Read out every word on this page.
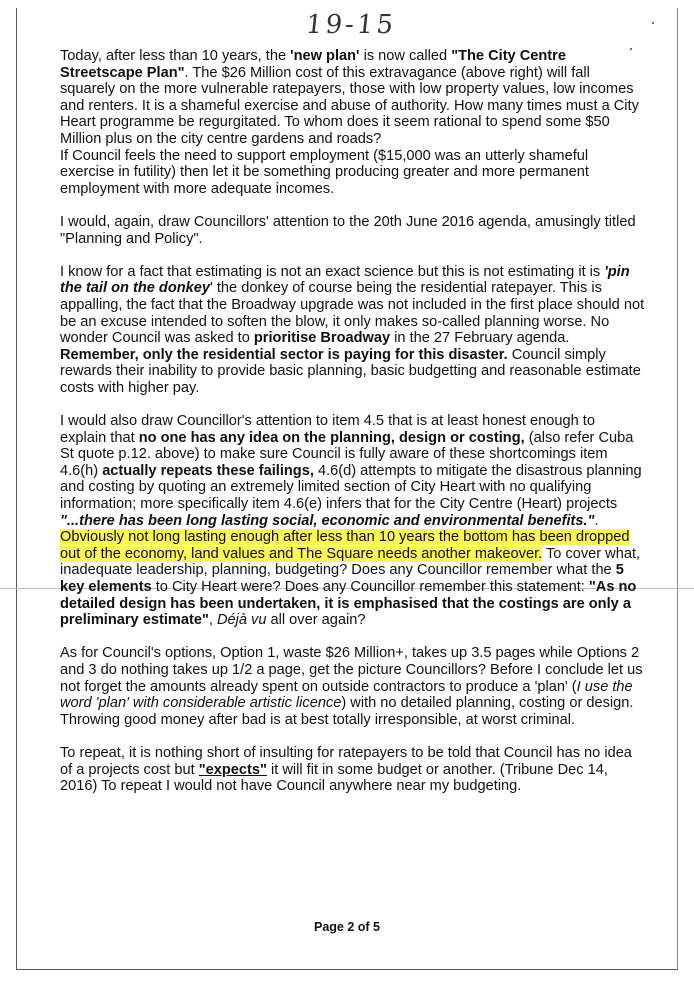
19-15

Today, after less than 10 years, the 'new plan' is now called "The City Centre Streetscape Plan". The $26 Million cost of this extravagance (above right) will fall squarely on the more vulnerable ratepayers, those with low property values, low incomes and renters. It is a shameful exercise and abuse of authority. How many times must a City Heart programme be regurgitated. To whom does it seem rational to spend some $50 Million plus on the city centre gardens and roads?

If Council feels the need to support employment ($15,000 was an utterly shameful exercise in futility) then let it be something producing greater and more permanent employment with more adequate incomes.

I would, again, draw Councillors' attention to the 20th June 2016 agenda, amusingly titled "Planning and Policy".

I know for a fact that estimating is not an exact science but this is not estimating it is 'pin the tail on the donkey' the donkey of course being the residential ratepayer. This is appalling, the fact that the Broadway upgrade was not included in the first place should not be an excuse intended to soften the blow, it only makes so-called planning worse. No wonder Council was asked to prioritise Broadway in the 27 February agenda. Remember, only the residential sector is paying for this disaster. Council simply rewards their inability to provide basic planning, basic budgetting and reasonable estimate costs with higher pay.

I would also draw Councillor's attention to item 4.5 that is at least honest enough to explain that no one has any idea on the planning, design or costing, (also refer Cuba St quote p.12. above) to make sure Council is fully aware of these shortcomings item 4.6(h) actually repeats these failings, 4.6(d) attempts to mitigate the disastrous planning and costing by quoting an extremely limited section of City Heart with no qualifying information; more specifically item 4.6(e) infers that for the City Centre (Heart) projects "...there has been long lasting social, economic and environmental benefits.". Obviously not long lasting enough after less than 10 years the bottom has been dropped out of the economy, land values and The Square needs another makeover. To cover what, inadequate leadership, planning, budgeting? Does any Councillor remember what the 5 key elements to City Heart were? Does any Councillor remember this statement: "As no detailed design has been undertaken, it is emphasised that the costings are only a preliminary estimate", Déjà vu all over again?

As for Council's options, Option 1, waste $26 Million+, takes up 3.5 pages while Options 2 and 3 do nothing takes up 1/2 a page, get the picture Councillors? Before I conclude let us not forget the amounts already spent on outside contractors to produce a 'plan' (I use the word 'plan' with considerable artistic licence) with no detailed planning, costing or design. Throwing good money after bad is at best totally irresponsible, at worst criminal.

To repeat, it is nothing short of insulting for ratepayers to be told that Council has no idea of a projects cost but "expects" it will fit in some budget or another. (Tribune Dec 14, 2016) To repeat I would not have Council anywhere near my budgeting.

Page 2 of 5
